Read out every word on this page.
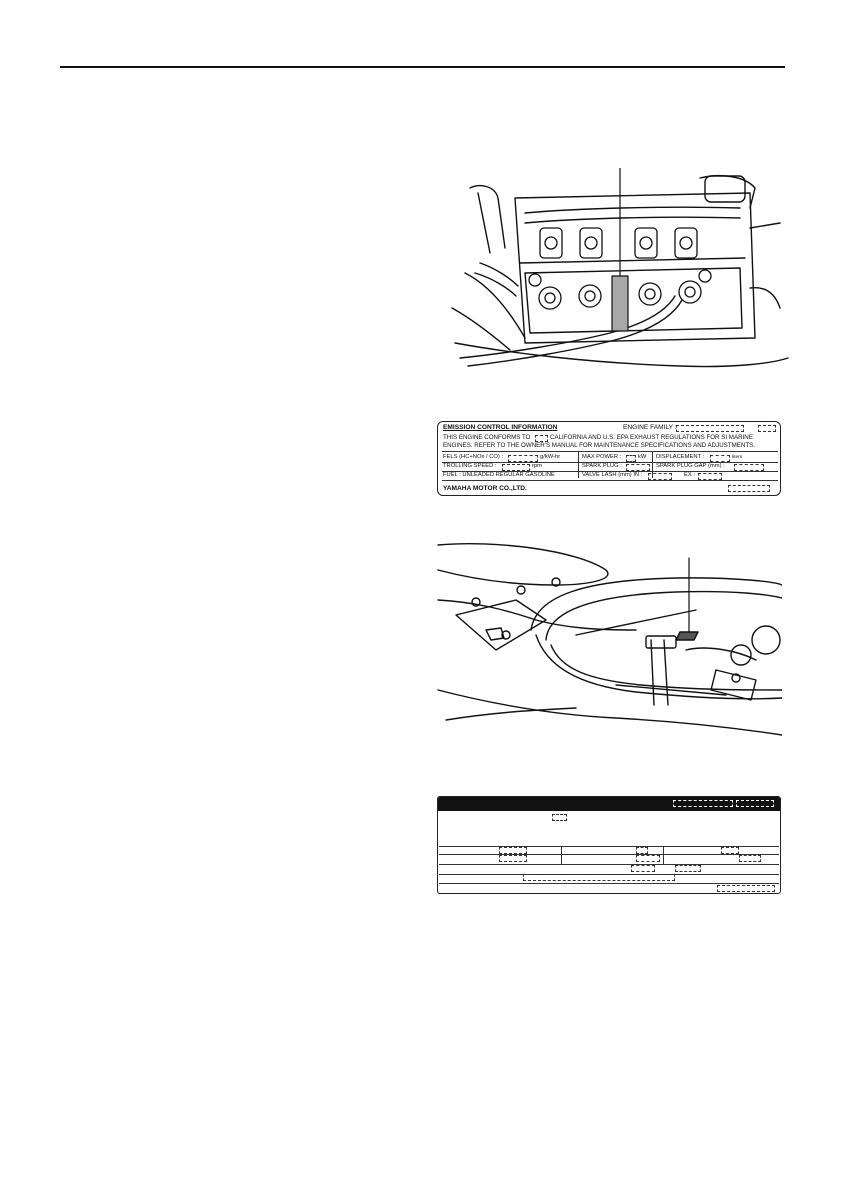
EMISSION CONTROL INFORMATION	ENGINE FAMILY :
THIS ENGINE CONFORMS TO	CALIFORNIA AND U.S. EPA EXHAUST REGULATIONS FOR SI MARINE
ENGINES. REFER TO THE OWNER'S MANUAL FOR MAINTENANCE SPECIFICATIONS AND ADJUSTMENTS.
FELS (HC+NOx / CO) :	g/kW-hr	MAX POWER :	kW DISPLACEMENT :	liters
TROLLING SPEED :	rpm	SPARK PLUG :	SPARK PLUG GAP (mm) :
FUEL : UNLEADED REGULAR GASOLINE	VALVE LASH (mm) IN :	EX :
YAMAHA MOTOR CO.,LTD.
